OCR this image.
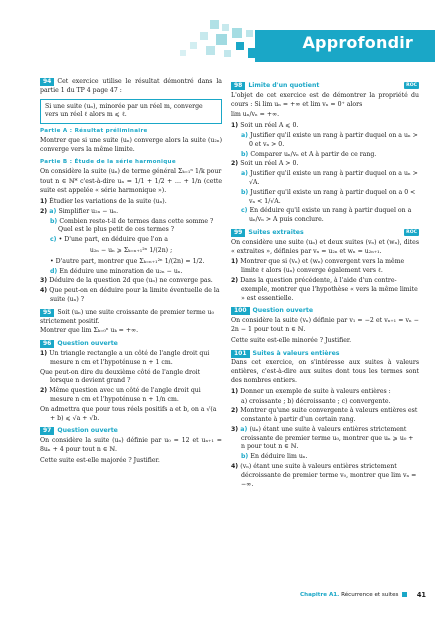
Approfondir
94 Cet exercice utilise le résultat démontré dans la partie 1 du TP 4 page 47 :
Si une suite (uₙ), minorée par un réel m, converge vers un réel ℓ alors m ⩽ ℓ.
Partie A : Résultat préliminaire
Montrer que si une suite (uₙ) converge alors la suite (u₂ₙ) converge vers la même limite.
Partie B : Étude de la série harmonique
On considère la suite (uₙ) de terme général Σₖ₌₁ⁿ 1/k pour
tout n ∈ ℕ* c'est-à-dire uₙ = 1/1 + 1/2 + … + 1/n (cette suite est appelée « série harmonique »).
1) Étudier les variations de la suite (uₙ).
2) a) Simplifier u₂ₙ − uₙ.
b) Combien reste-t-il de termes dans cette somme ? Quel est le plus petit de ces termes ?
c) • D'une part, en déduire que l'on a
u₂ₙ − uₙ ⩾ Σₖ₌ₙ₊₁²ⁿ 1/(2n) ;
• D'autre part, montrer que Σₖ₌ₙ₊₁²ⁿ 1/(2n) = 1/2.
d) En déduire une minoration de u₂ₙ − uₙ.
3) Déduire de la question 2d que (uₙ) ne converge pas.
4) Que peut-on en déduire pour la limite éventuelle de la suite (uₙ) ?
95 Soit (uₙ) une suite croissante de premier terme u₀ strictement positif.
Montrer que lim Σₖ₌₀ⁿ uₖ = +∞.
96 Question ouverte
1) Un triangle rectangle a un côté de l'angle droit qui mesure n cm et l'hypoténuse n + 1 cm.
Que peut-on dire du deuxième côté de l'angle droit lorsque n devient grand ?
2) Même question avec un côté de l'angle droit qui mesure n cm et l'hypoténuse n + 1/n cm.
On admettra que pour tous réels positifs a et b, on a √(a + b) ⩽ √a + √b.
97 Question ouverte
On considère la suite (uₙ) définie par u₀ = 12 et uₙ₊₁ = 8uₙ + 4 pour tout n ∈ ℕ.
Cette suite est-elle majorée ? Justifier.
98 Limite d'un quotient	ROC
L'objet de cet exercice est de démontrer la propriété du cours : Si lim uₙ = +∞ et lim vₙ = 0⁺ alors
lim uₙ/vₙ = +∞.
1) Soit un réel A ⩽ 0.
a) Justifier qu'il existe un rang à partir duquel on a uₙ > 0 et vₙ > 0.
b) Comparer uₙ/vₙ et A à partir de ce rang.
2) Soit un réel A > 0.
a) Justifier qu'il existe un rang à partir duquel on a uₙ > √A.
b) Justifier qu'il existe un rang à partir duquel on a 0 < vₙ < 1/√A.
c) En déduire qu'il existe un rang à partir duquel on a uₙ/vₙ > A puis conclure.
99 Suites extraites	ROC
On considère une suite (uₙ) et deux suites (vₙ) et (wₙ), dites « extraites », définies par vₙ = u₂ₙ et wₙ = u₂ₙ₊₁.
1) Montrer que si (vₙ) et (wₙ) convergent vers la même limite ℓ alors (uₙ) converge également vers ℓ.
2) Dans la question précédente, à l'aide d'un contre-exemple, montrer que l'hypothèse « vers la même limite » est essentielle.
100 Question ouverte
On considère la suite (vₙ) définie par v₁ = −2 et vₙ₊₁ = vₙ − 2n − 1 pour tout n ∈ ℕ.
Cette suite est-elle minorée ? Justifier.
101 Suites à valeurs entières
Dans cet exercice, on s'intéresse aux suites à valeurs entières, c'est-à-dire aux suites dont tous les termes sont des nombres entiers.
1) Donner un exemple de suite à valeurs entières :
a) croissante ; b) décroissante ; c) convergente.
2) Montrer qu'une suite convergente à valeurs entières est constante à partir d'un certain rang.
3) a) (uₙ) étant une suite à valeurs entières strictement croissante de premier terme u₀, montrer que uₙ ⩾ u₀ + n pour tout n ∈ ℕ.
b) En déduire lim uₙ.
4) (vₙ) étant une suite à valeurs entières strictement décroissante de premier terme v₀, montrer que lim vₙ = −∞.
Chapitre A1. Récurrence et suites	41
